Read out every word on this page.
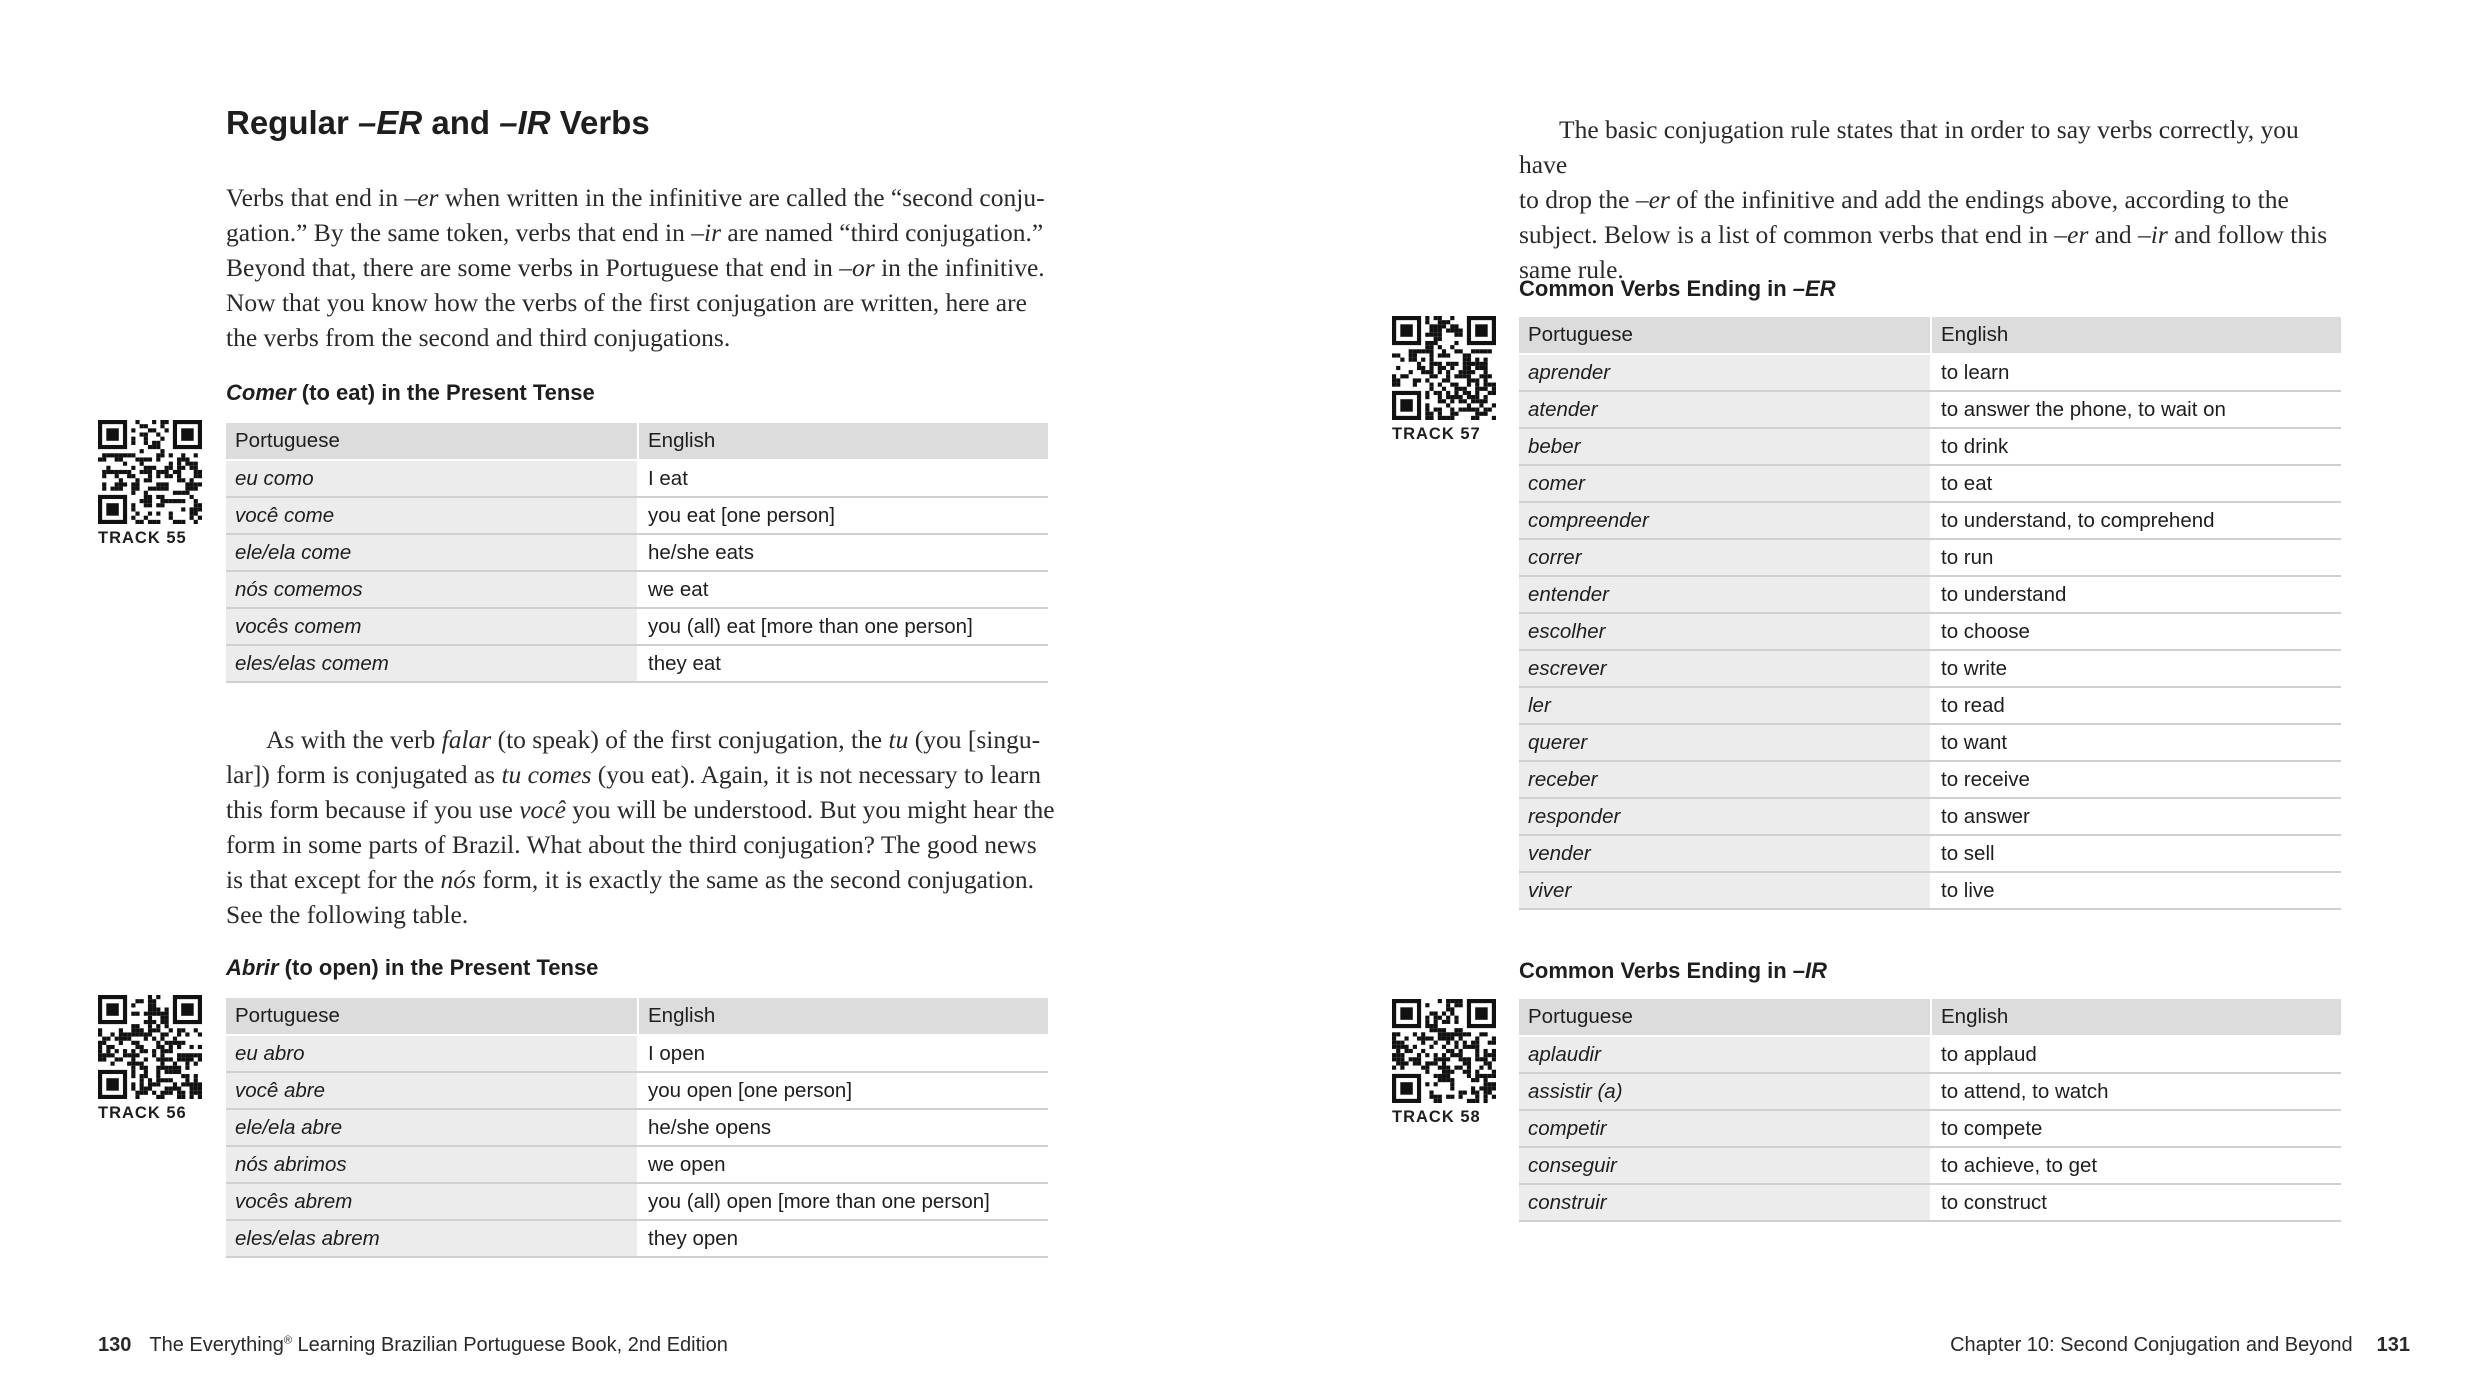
Regular –ER and –IR Verbs
Verbs that end in –er when written in the infinitive are called the “second conju-
gation.” By the same token, verbs that end in –ir are named “third conjugation.”
Beyond that, there are some verbs in Portuguese that end in –or in the infinitive.
Now that you know how the verbs of the first conjugation are written, here are
the verbs from the second and third conjugations.
Comer (to eat) in the Present Tense
TRACK 55
Portuguese	English
eu como	I eat
você come	you eat [one person]
ele/ela come	he/she eats
nós comemos	we eat
vocês comem	you (all) eat [more than one person]
eles/elas comem	they eat
As with the verb falar (to speak) of the first conjugation, the tu (you [singu-
lar]) form is conjugated as tu comes (you eat). Again, it is not necessary to learn
this form because if you use você you will be understood. But you might hear the
form in some parts of Brazil. What about the third conjugation? The good news
is that except for the nós form, it is exactly the same as the second conjugation.
See the following table.
Abrir (to open) in the Present Tense
TRACK 56
Portuguese	English
eu abro	I open
você abre	you open [one person]
ele/ela abre	he/she opens
nós abrimos	we open
vocês abrem	you (all) open [more than one person]
eles/elas abrem	they open
130 The Everything® Learning Brazilian Portuguese Book, 2nd Edition
The basic conjugation rule states that in order to say verbs correctly, you have
to drop the –er of the infinitive and add the endings above, according to the
subject. Below is a list of common verbs that end in –er and –ir and follow this
same rule.
Common Verbs Ending in –ER
TRACK 57
Portuguese	English
aprender	to learn
atender	to answer the phone, to wait on
beber	to drink
comer	to eat
compreender	to understand, to comprehend
correr	to run
entender	to understand
escolher	to choose
escrever	to write
ler	to read
querer	to want
receber	to receive
responder	to answer
vender	to sell
viver	to live
Common Verbs Ending in –IR
TRACK 58
Portuguese	English
aplaudir	to applaud
assistir (a)	to attend, to watch
competir	to compete
conseguir	to achieve, to get
construir	to construct
Chapter 10: Second Conjugation and Beyond 131
